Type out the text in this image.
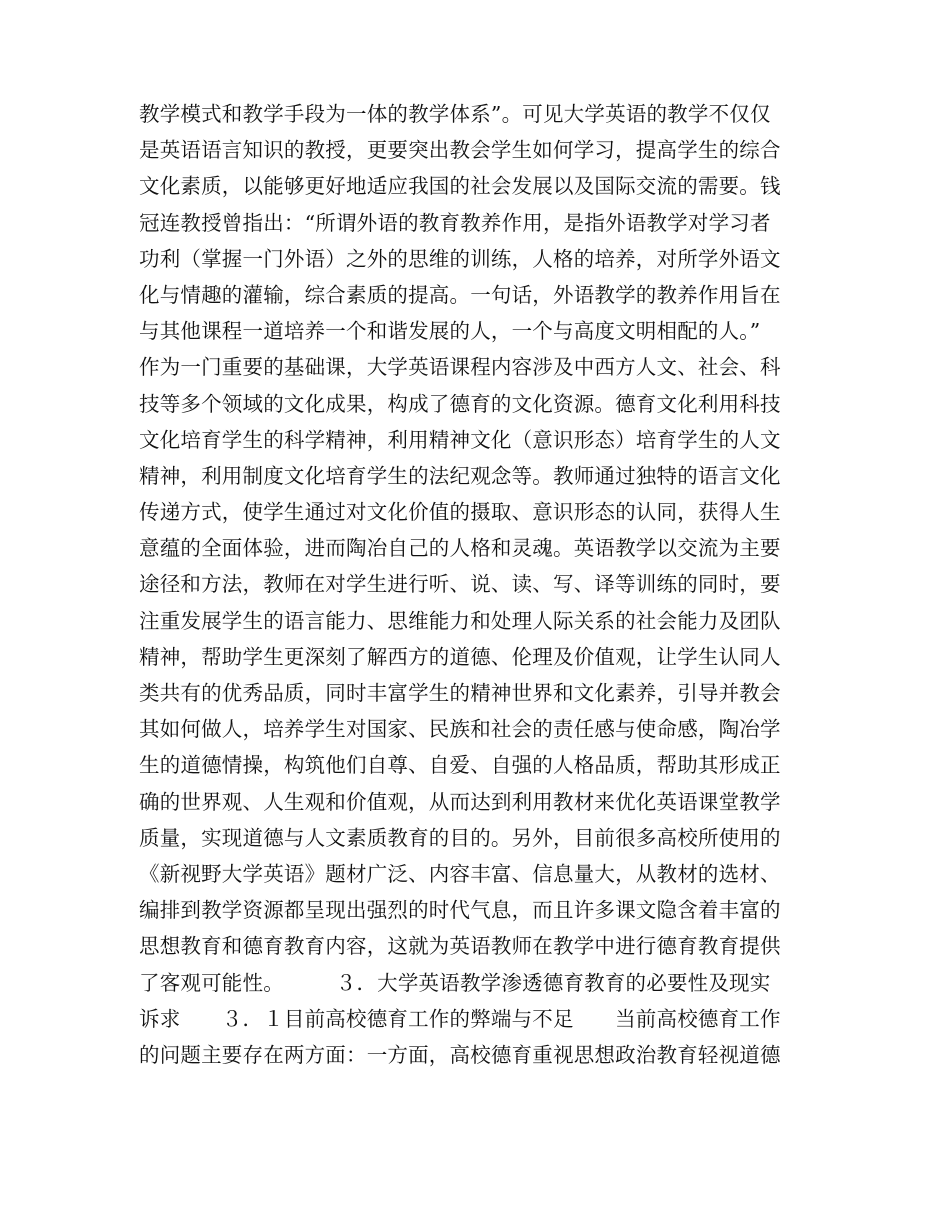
教学模式和教学手段为一体的教学体系”。可见大学英语的教学不仅仅
是英语语言知识的教授，更要突出教会学生如何学习，提高学生的综合
文化素质，以能够更好地适应我国的社会发展以及国际交流的需要。钱
冠连教授曾指出：“所谓外语的教育教养作用，是指外语教学对学习者
功利（掌握一门外语）之外的思维的训练，人格的培养，对所学外语文
化与情趣的灌输，综合素质的提高。一句话，外语教学的教养作用旨在
与其他课程一道培养一个和谐发展的人，一个与高度文明相配的人。”
作为一门重要的基础课，大学英语课程内容涉及中西方人文、社会、科
技等多个领域的文化成果，构成了德育的文化资源。德育文化利用科技
文化培育学生的科学精神，利用精神文化（意识形态）培育学生的人文
精神，利用制度文化培育学生的法纪观念等。教师通过独特的语言文化
传递方式，使学生通过对文化价值的摄取、意识形态的认同，获得人生
意蕴的全面体验，进而陶冶自己的人格和灵魂。英语教学以交流为主要
途径和方法，教师在对学生进行听、说、读、写、译等训练的同时，要
注重发展学生的语言能力、思维能力和处理人际关系的社会能力及团队
精神，帮助学生更深刻了解西方的道德、伦理及价值观，让学生认同人
类共有的优秀品质，同时丰富学生的精神世界和文化素养，引导并教会
其如何做人，培养学生对国家、民族和社会的责任感与使命感，陶冶学
生的道德情操，构筑他们自尊、自爱、自强的人格品质，帮助其形成正
确的世界观、人生观和价值观，从而达到利用教材来优化英语课堂教学
质量，实现道德与人文素质教育的目的。另外，目前很多高校所使用的
《新视野大学英语》题材广泛、内容丰富、信息量大，从教材的选材、
编排到教学资源都呈现出强烈的时代气息，而且许多课文隐含着丰富的
思想教育和德育教育内容，这就为英语教师在教学中进行德育教育提供
了客观可能性。　　　３．大学英语教学渗透德育教育的必要性及现实
诉求　　３．１目前高校德育工作的弊端与不足　　当前高校德育工作
的问题主要存在两方面：一方面，高校德育重视思想政治教育轻视道德
